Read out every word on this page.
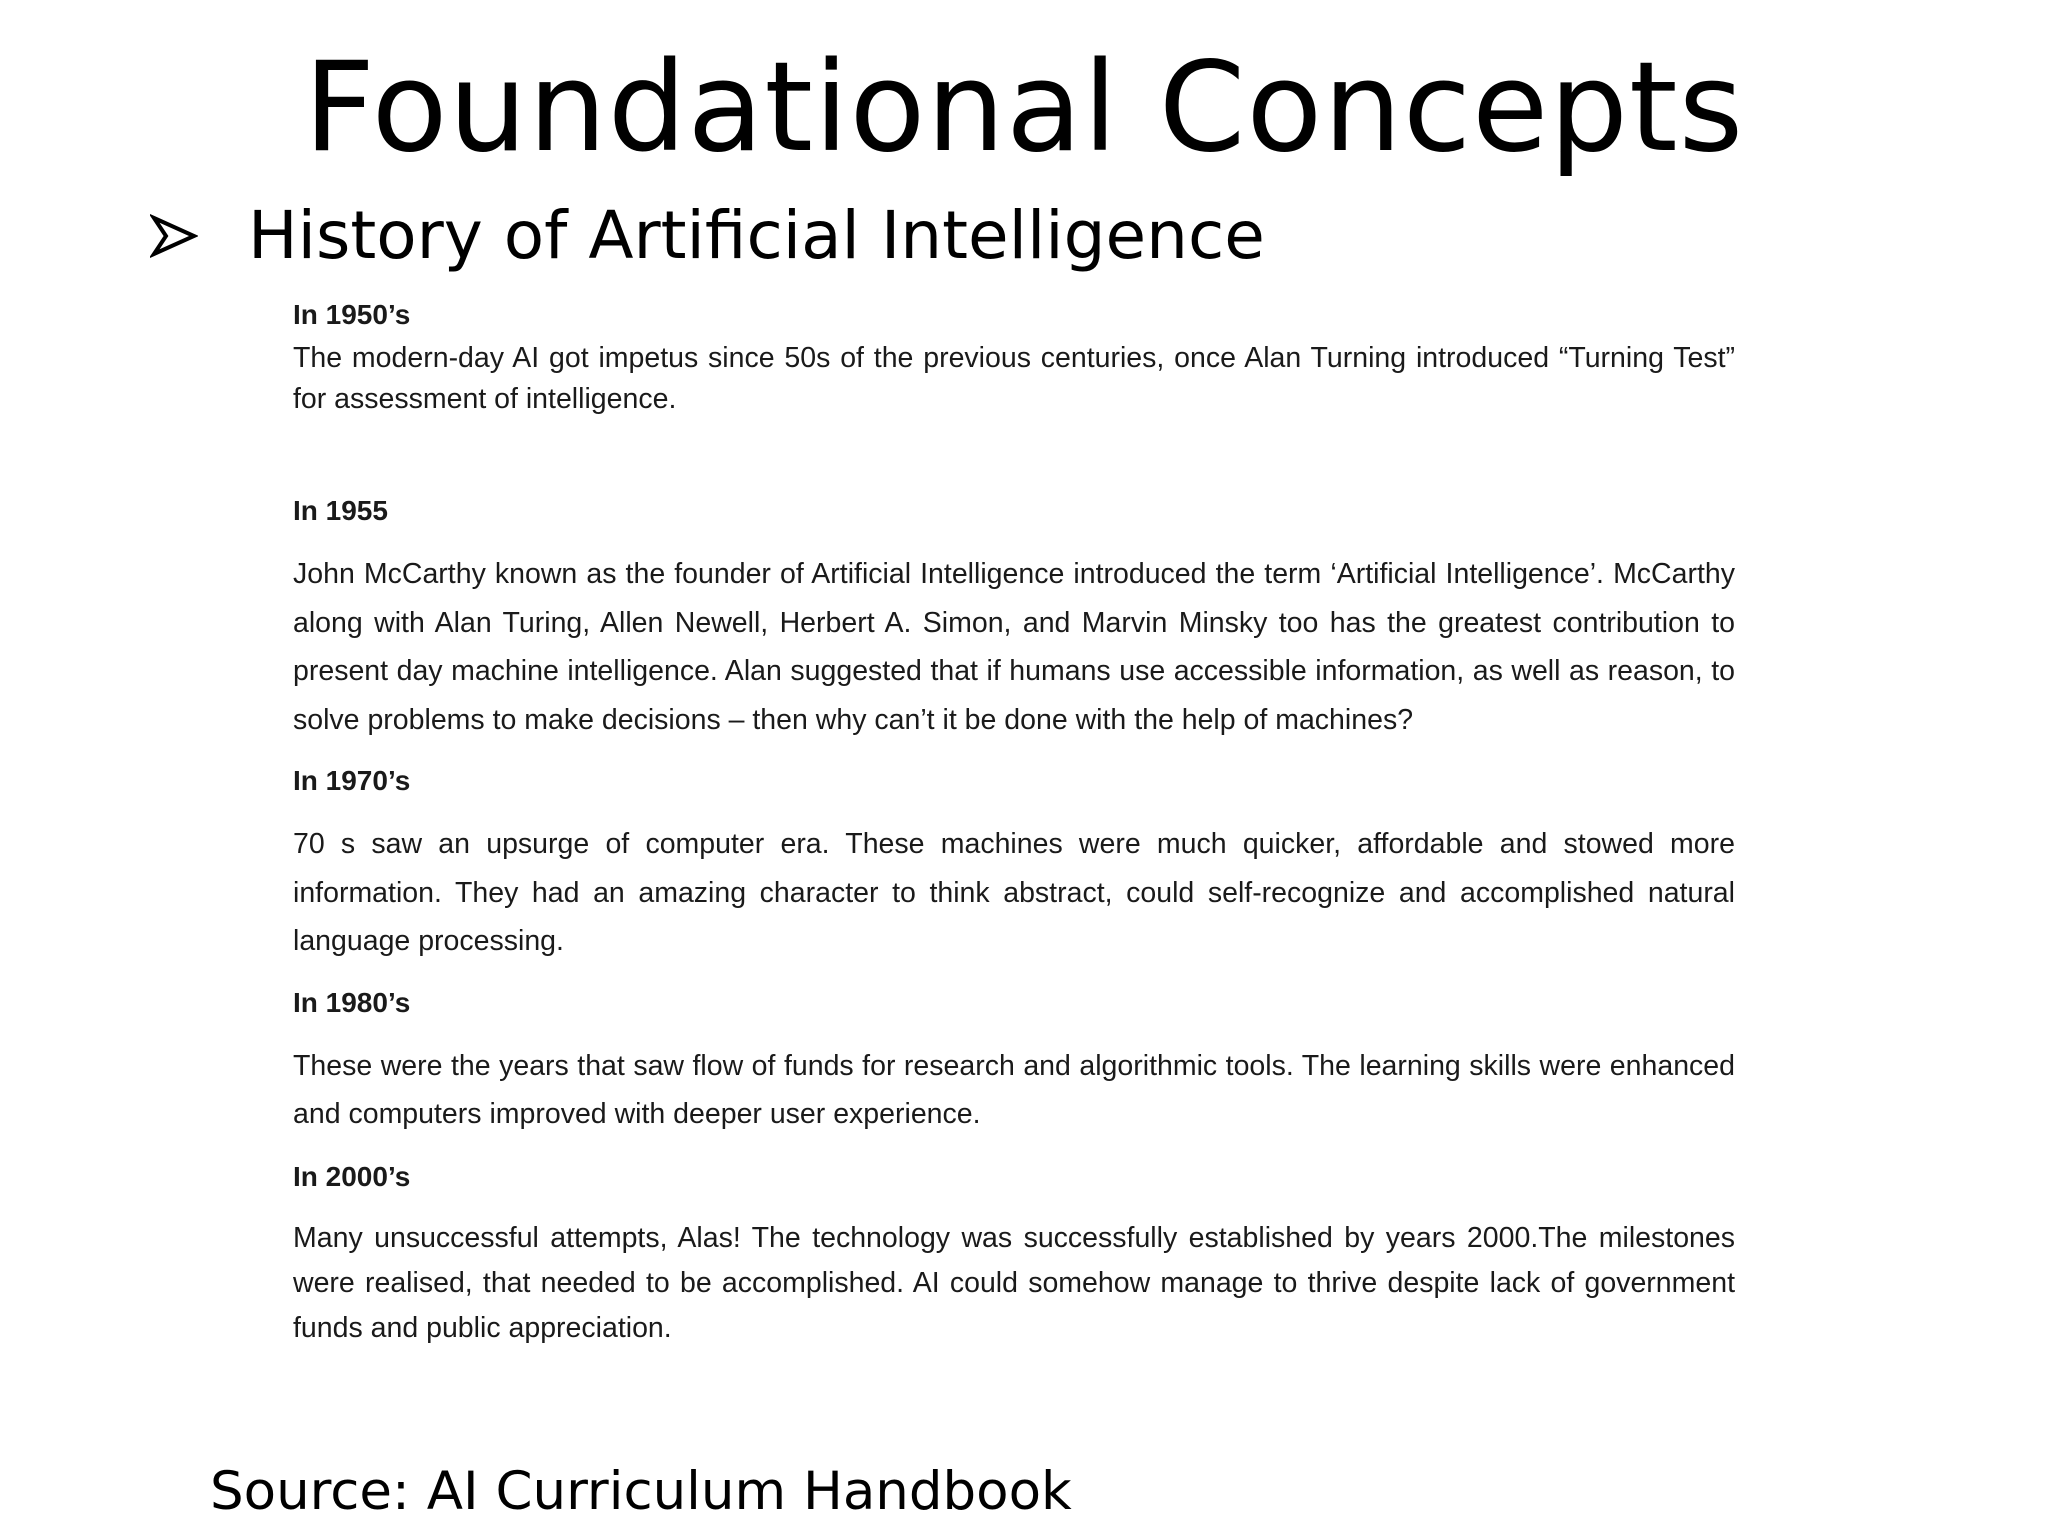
Foundational Concepts
History of Artificial Intelligence

In 1950’s

The modern-day AI got impetus since 50s of the previous centuries, once Alan Turning introduced “Turning Test” for assessment of intelligence.

In 1955

John McCarthy known as the founder of Artificial Intelligence introduced the term ‘Artificial Intelligence’. McCarthy along with Alan Turing, Allen Newell, Herbert A. Simon, and Marvin Minsky too has the greatest contribution to present day machine intelligence. Alan suggested that if humans use accessible information, as well as reason, to solve problems to make decisions – then why can’t it be done with the help of machines?

In 1970’s

70 s saw an upsurge of computer era. These machines were much quicker, affordable and stowed more information. They had an amazing character to think abstract, could self-recognize and accomplished natural language processing.

In 1980’s

These were the years that saw flow of funds for research and algorithmic tools. The learning skills were enhanced and computers improved with deeper user experience.

In 2000’s

Many unsuccessful attempts, Alas! The technology was successfully established by years 2000.The milestones were realised, that needed to be accomplished. AI could somehow manage to thrive despite lack of government funds and public appreciation.

Source: AI Curriculum Handbook
